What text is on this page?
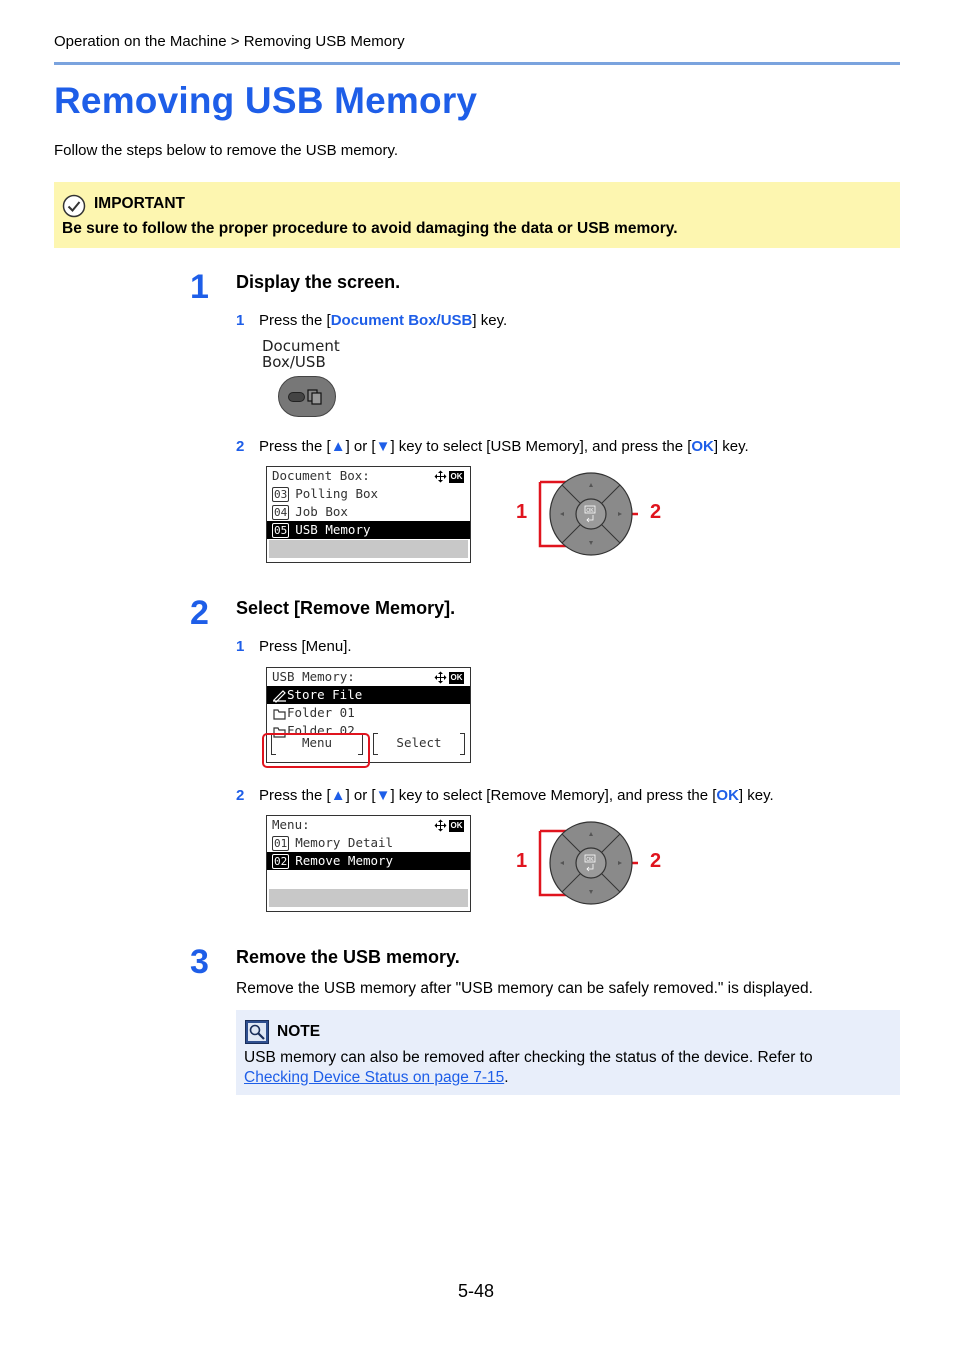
Operation on the Machine > Removing USB Memory
Removing USB Memory

Follow the steps below to remove the USB memory.

IMPORTANT
Be sure to follow the proper procedure to avoid damaging the data or USB memory.
1 Display the screen.
1 Press the [Document Box/USB] key.
Document
Box/USB
2 Press the [▲] or [▼] key to select [USB Memory], and press the [OK] key.
Document Box:	OK
03 Polling Box
04 Job Box
05 USB Memory
1	2
OK
2 Select [Remove Memory].
1 Press [Menu].
USB Memory:	OK
Store File
Folder 01
Folder 02
Menu	Select
2 Press the [▲] or [▼] key to select [Remove Memory], and press the [OK] key.
Menu:	OK
01 Memory Detail
02 Remove Memory	1	2
OK
3 Remove the USB memory.
Remove the USB memory after "USB memory can be safely removed." is displayed.
NOTE
USB memory can also be removed after checking the status of the device. Refer to
Checking Device Status on page 7-15.
5-48
